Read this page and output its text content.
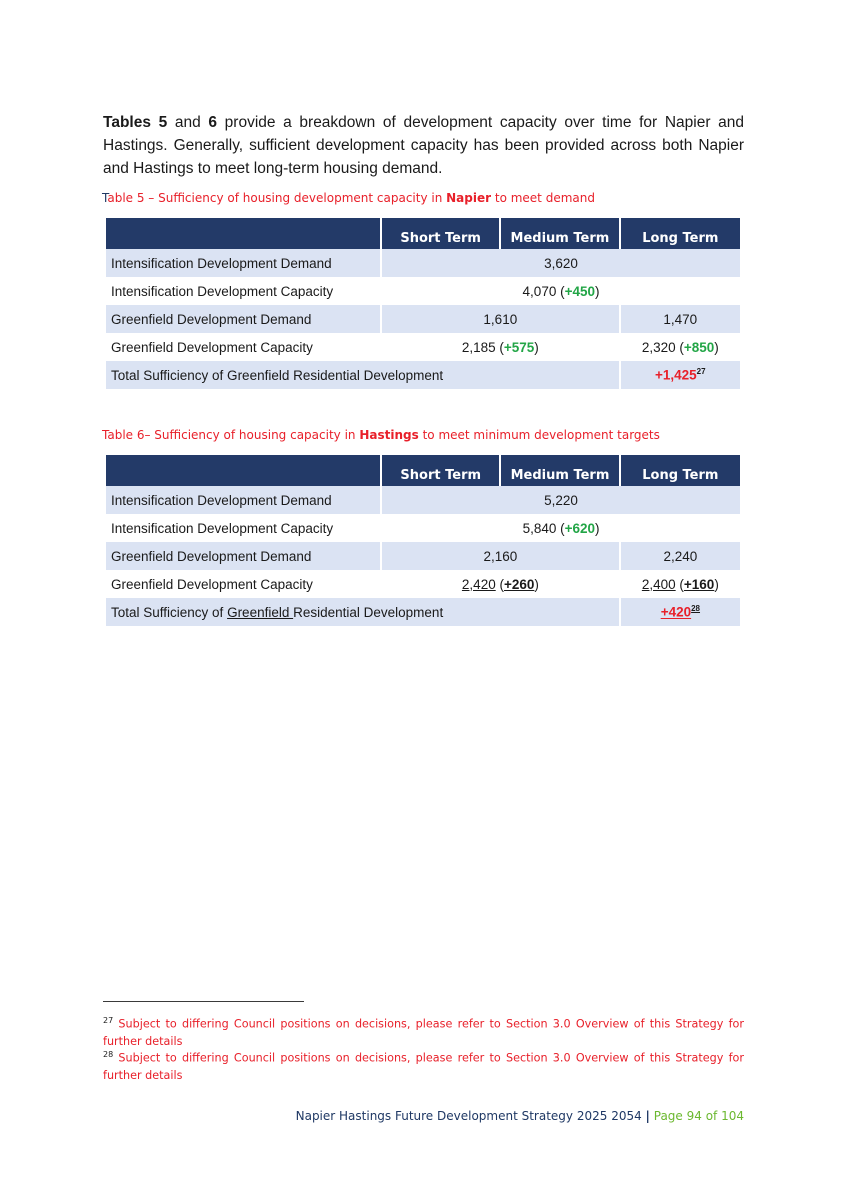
Tables 5 and 6 provide a breakdown of development capacity over time for Napier and Hastings. Generally, sufficient development capacity has been provided across both Napier and Hastings to meet long-term housing demand.

Table 5 – Sufficiency of housing development capacity in Napier to meet demand

	Short Term	Medium Term	Long Term
Intensification Development Demand	3,620		
Intensification Development Capacity	4,070 (+450)		
Greenfield Development Demand	1,610		1,470
Greenfield Development Capacity	2,185 (+575)		2,320 (+850)
Total Sufficiency of Greenfield Residential Development			$+1,425^{27}$

Table 6– Sufficiency of housing capacity in Hastings to meet minimum development targets

	Short Term	Medium Term	Long Term
Intensification Development Demand	5,220		
Intensification Development Capacity	5,840 (+620)		
Greenfield Development Demand	2,160		2,240
Greenfield Development Capacity	2,420 (+260)		2,400 (+160)
Total Sufficiency of Greenfield Residential Development			$+420^{28}$

$^{27}$ Subject to differing Council positions on decisions, please refer to Section 3.0 Overview of this Strategy for further details

$^{28}$ Subject to differing Council positions on decisions, please refer to Section 3.0 Overview of this Strategy for further details

Napier Hastings Future Development Strategy 2025 2054 | Page 94 of 104
